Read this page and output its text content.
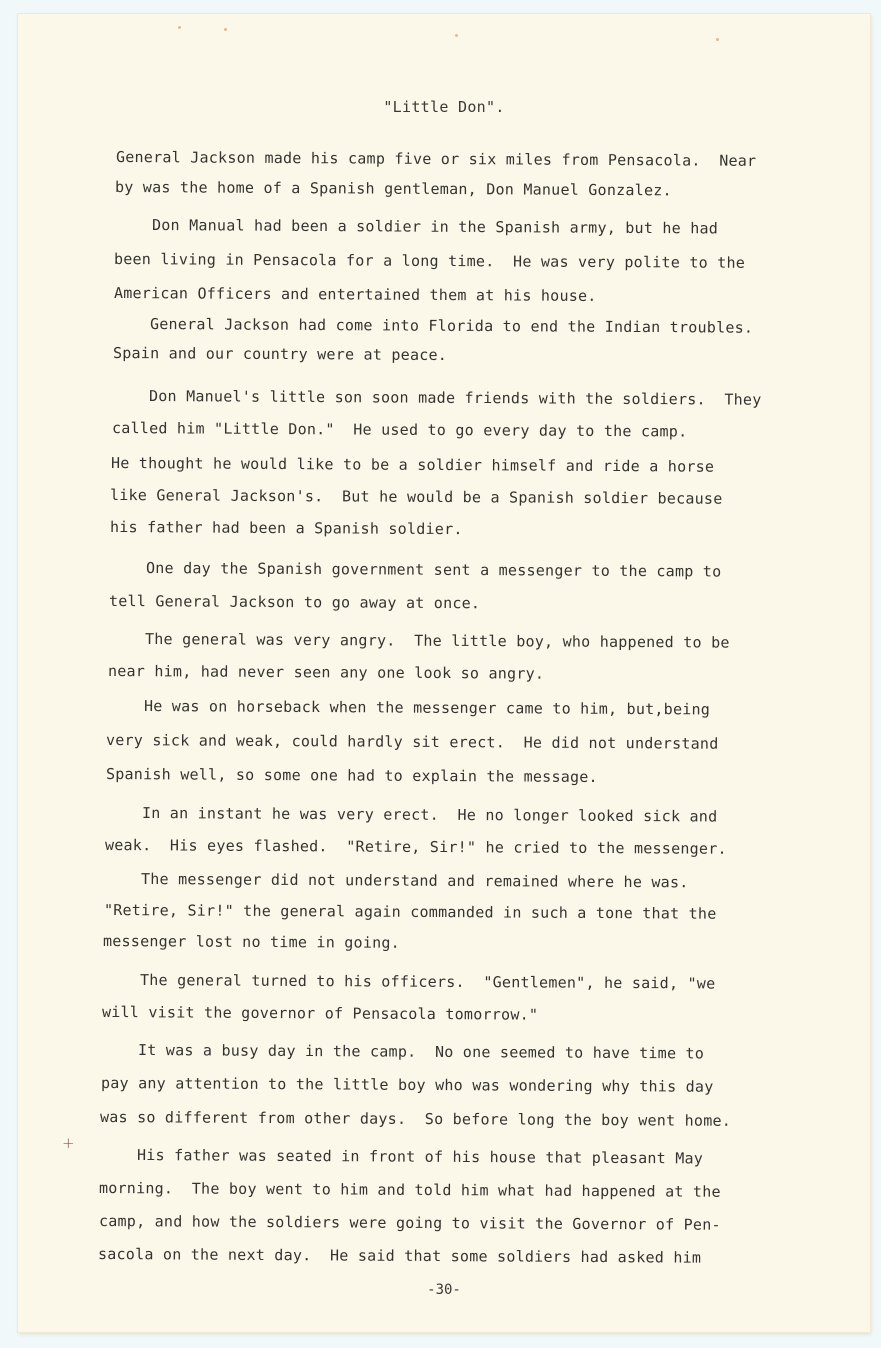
"Little Don".
General Jackson made his camp five or six miles from Pensacola.  Near
by was the home of a Spanish gentleman, Don Manuel Gonzalez.
Don Manual had been a soldier in the Spanish army, but he had
been living in Pensacola for a long time.  He was very polite to the
American Officers and entertained them at his house.
General Jackson had come into Florida to end the Indian troubles.
Spain and our country were at peace.
Don Manuel's little son soon made friends with the soldiers.  They
called him "Little Don."  He used to go every day to the camp.
He thought he would like to be a soldier himself and ride a horse
like General Jackson's.  But he would be a Spanish soldier because
his father had been a Spanish soldier.
One day the Spanish government sent a messenger to the camp to
tell General Jackson to go away at once.
The general was very angry.  The little boy, who happened to be
near him, had never seen any one look so angry.
He was on horseback when the messenger came to him, but,being
very sick and weak, could hardly sit erect.  He did not understand
Spanish well, so some one had to explain the message.
In an instant he was very erect.  He no longer looked sick and
weak.  His eyes flashed.  "Retire, Sir!" he cried to the messenger.
The messenger did not understand and remained where he was.
"Retire, Sir!" the general again commanded in such a tone that the
messenger lost no time in going.
The general turned to his officers.  "Gentlemen", he said, "we
will visit the governor of Pensacola tomorrow."
It was a busy day in the camp.  No one seemed to have time to
pay any attention to the little boy who was wondering why this day
was so different from other days.  So before long the boy went home.
His father was seated in front of his house that pleasant May
morning.  The boy went to him and told him what had happened at the
camp, and how the soldiers were going to visit the Governor of Pen-
sacola on the next day.  He said that some soldiers had asked him
+
-30-
